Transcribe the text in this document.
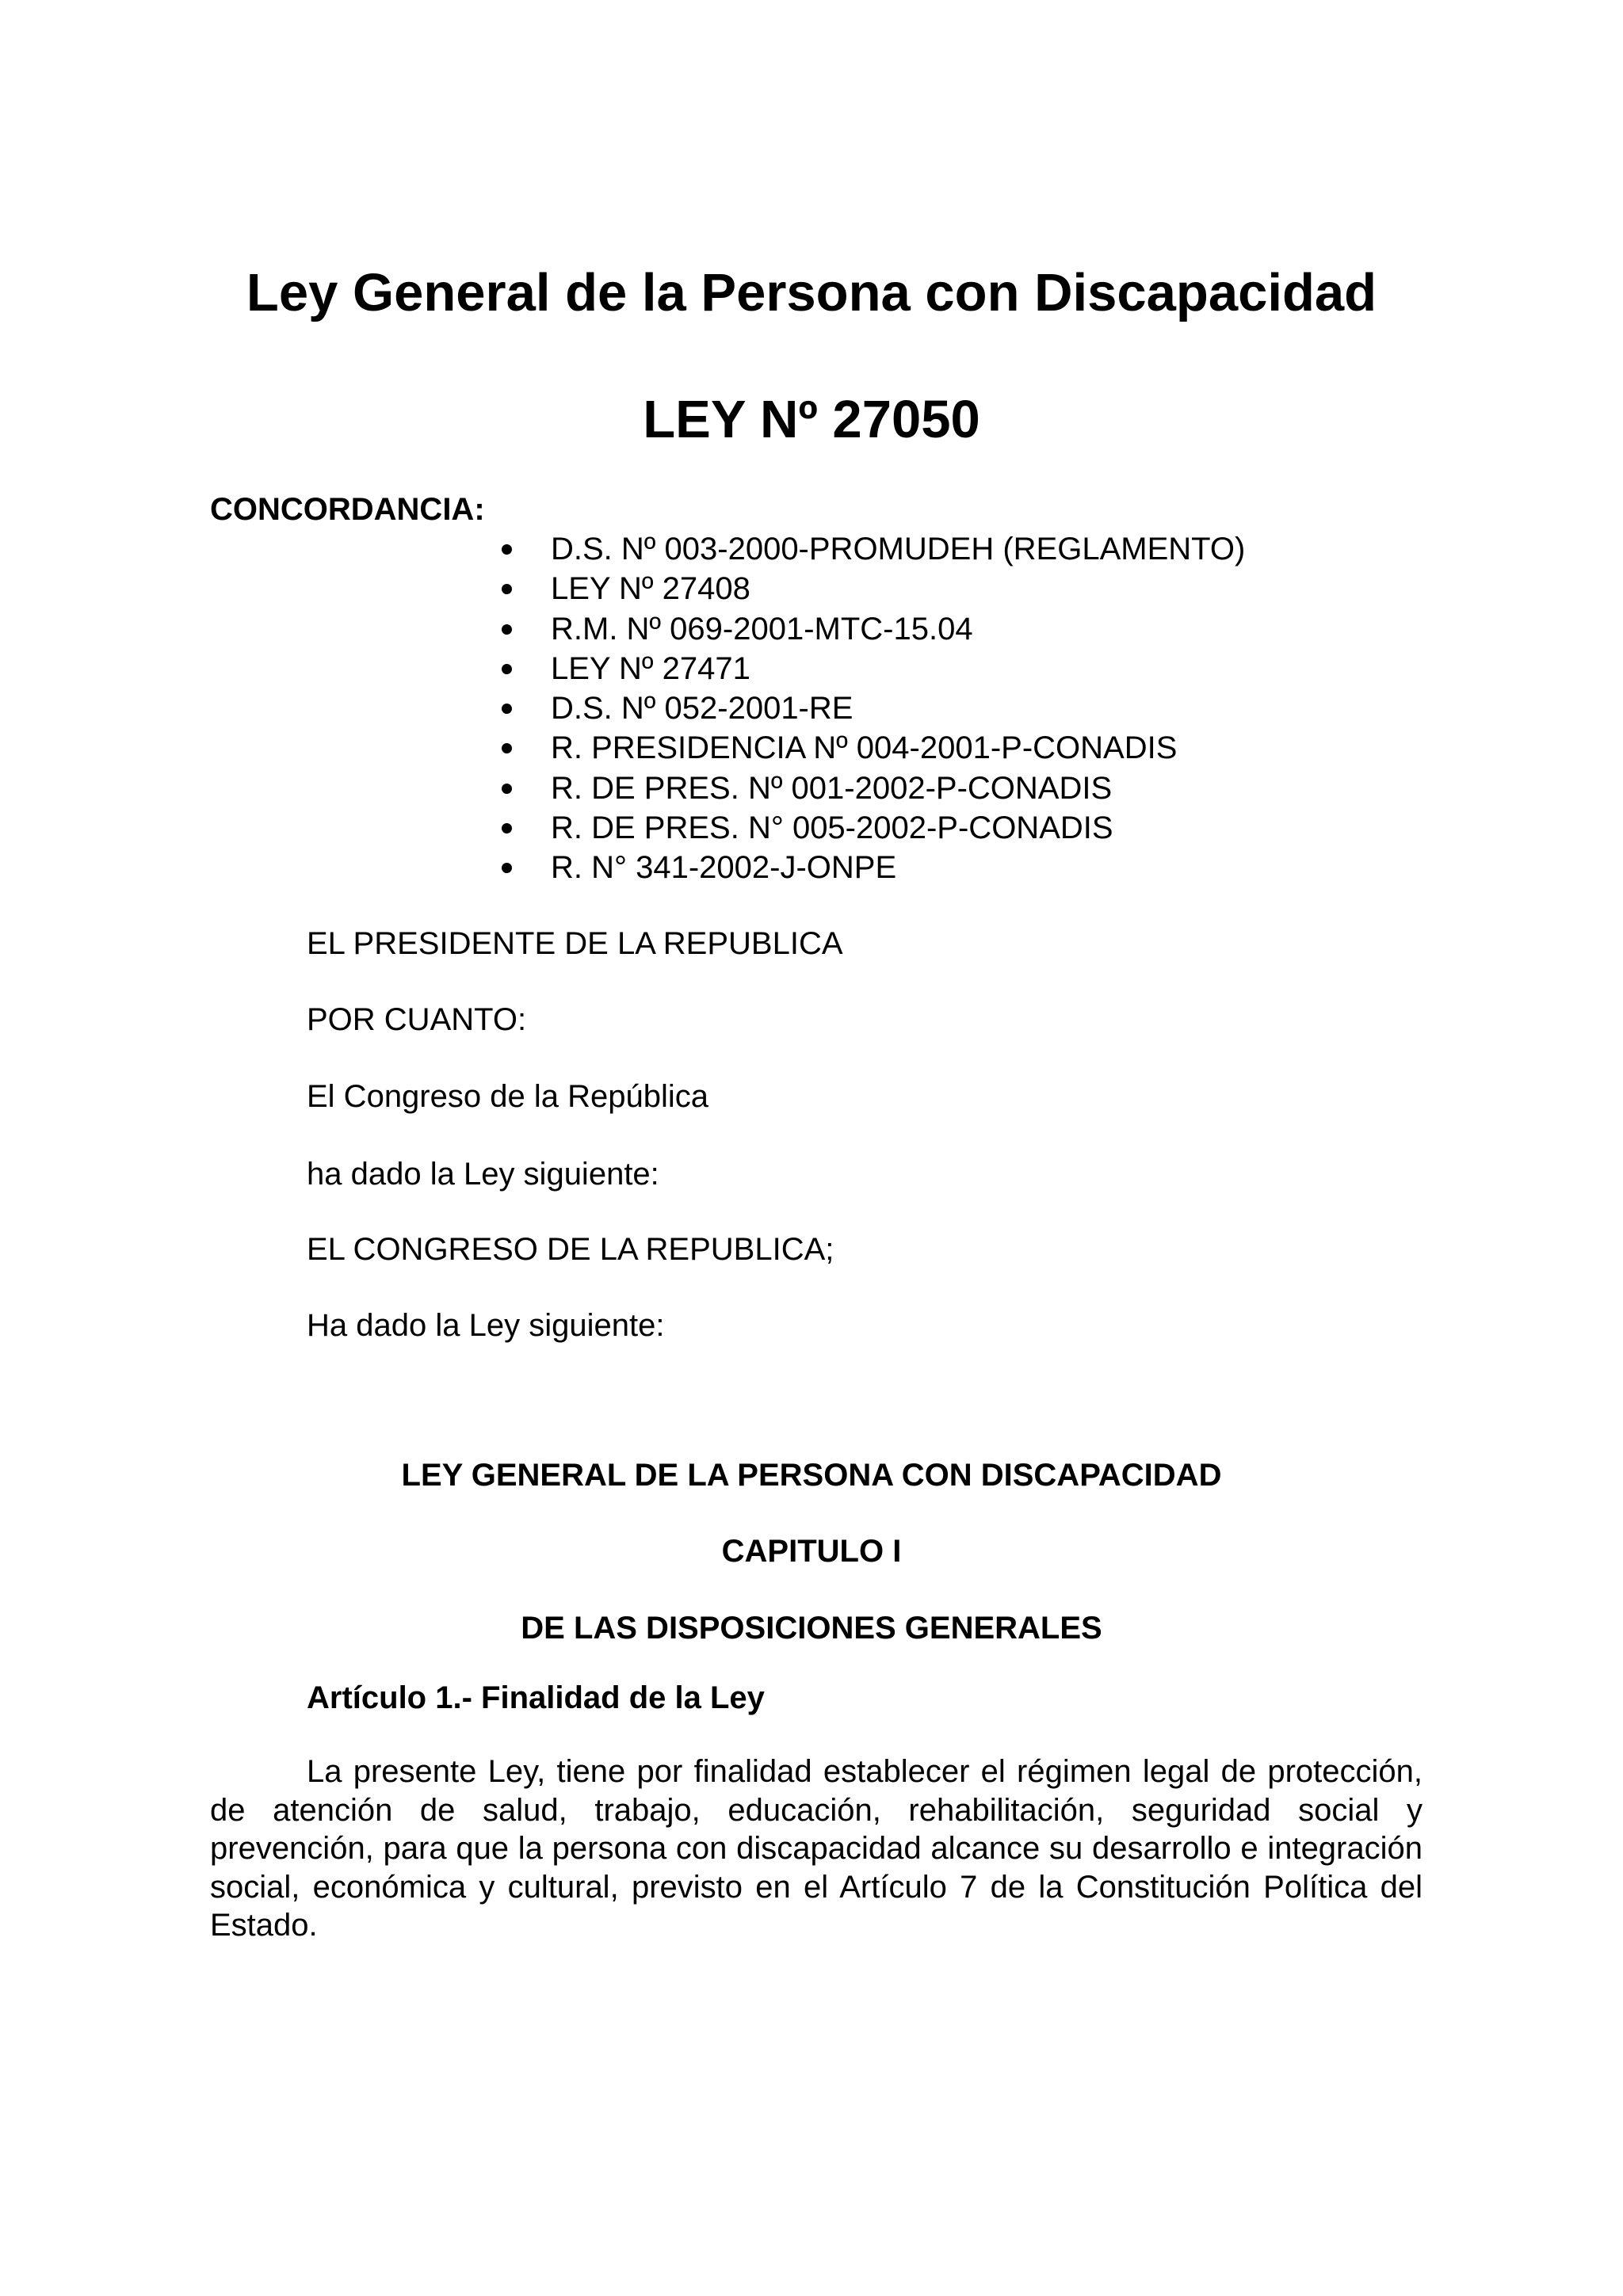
Ley General de la Persona con Discapacidad
LEY Nº 27050

CONCORDANCIA:

D.S. Nº 003-2000-PROMUDEH (REGLAMENTO)
LEY Nº 27408
R.M. Nº 069-2001-MTC-15.04
LEY Nº 27471
D.S. Nº 052-2001-RE
R. PRESIDENCIA Nº 004-2001-P-CONADIS
R. DE PRES. Nº 001-2002-P-CONADIS
R. DE PRES. N° 005-2002-P-CONADIS
R. N° 341-2002-J-ONPE

EL PRESIDENTE DE LA REPUBLICA

POR CUANTO:

El Congreso de la República

ha dado la Ley siguiente:

EL CONGRESO DE LA REPUBLICA;

Ha dado la Ley siguiente:

LEY GENERAL DE LA PERSONA CON DISCAPACIDAD
CAPITULO I
DE LAS DISPOSICIONES GENERALES
Artículo 1.- Finalidad de la Ley

La presente Ley, tiene por finalidad establecer el régimen legal de protección, de atención de salud, trabajo, educación, rehabilitación, seguridad social y prevención, para que la persona con discapacidad alcance su desarrollo e integración social, económica y cultural, previsto en el Artículo 7 de la Constitución Política del Estado.
